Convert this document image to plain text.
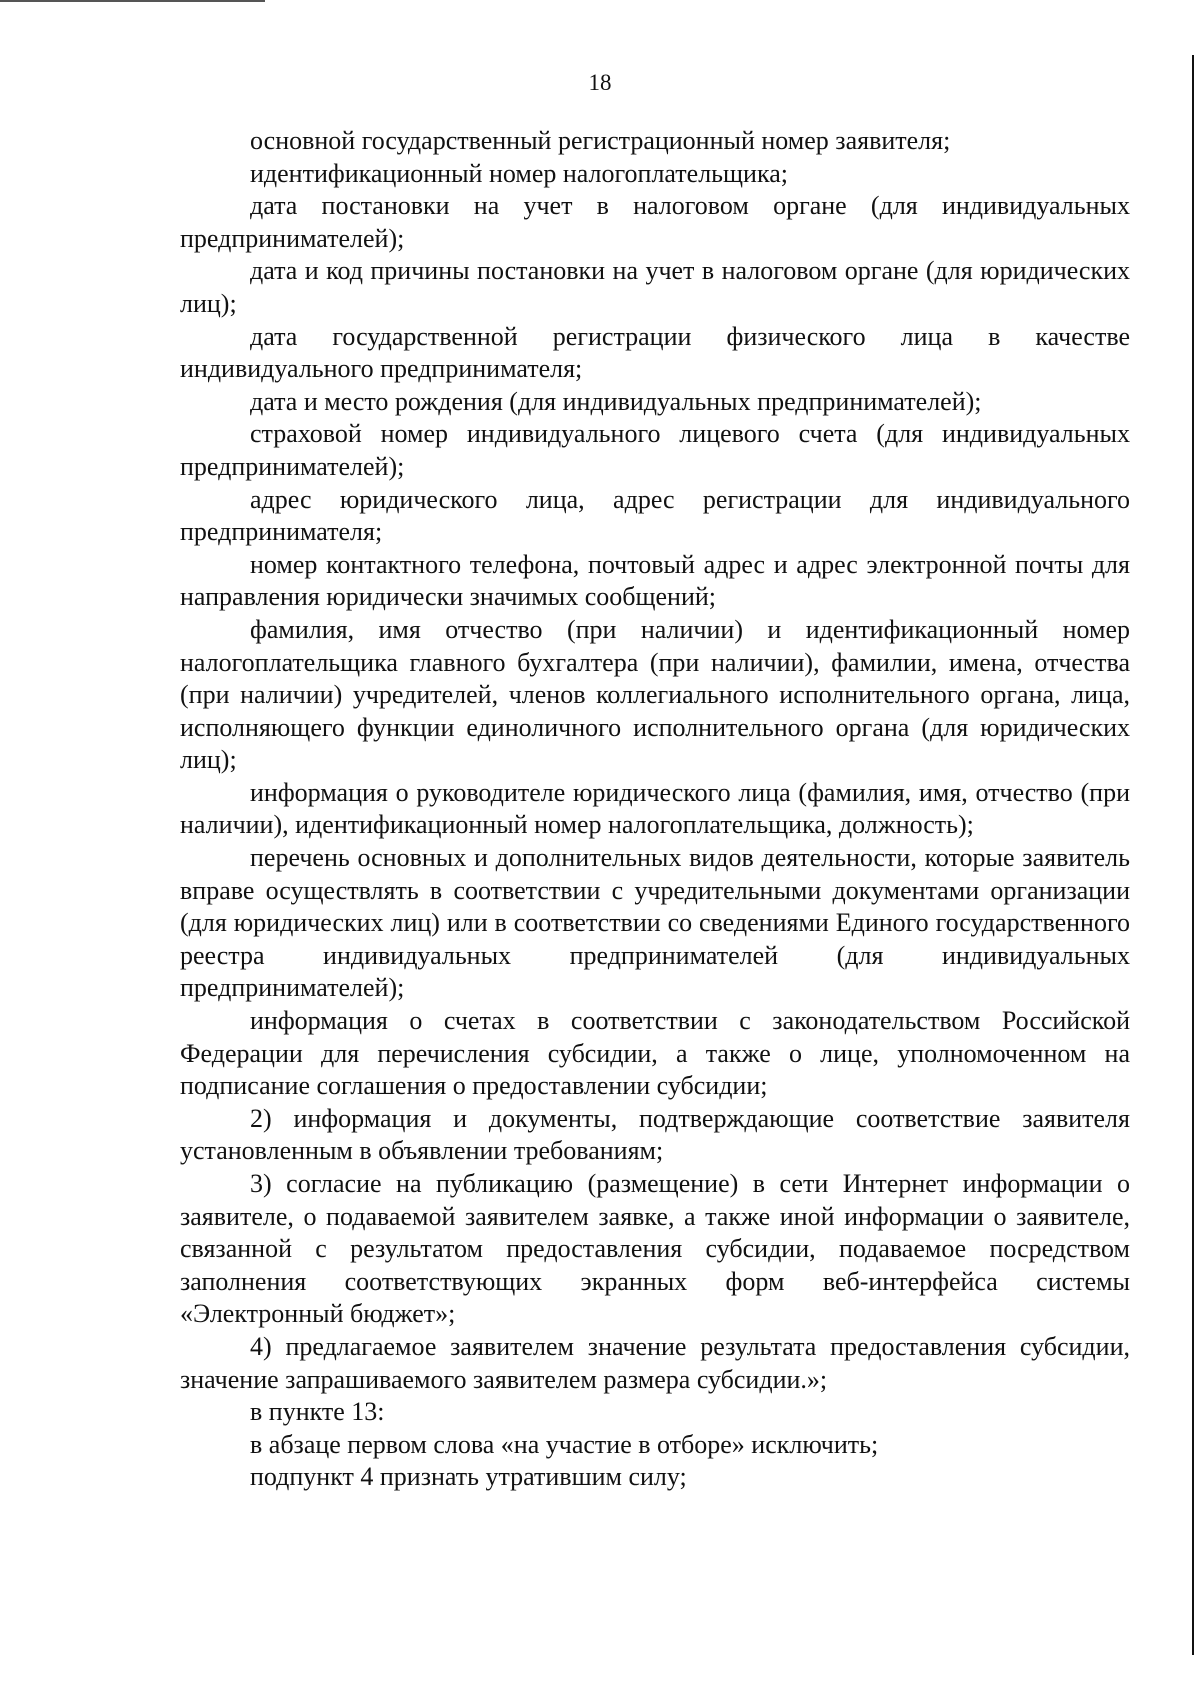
18

основной государственный регистрационный номер заявителя;

идентификационный номер налогоплательщика;

дата постановки на учет в налоговом органе (для индивидуальных предпринимателей);

дата и код причины постановки на учет в налоговом органе (для юридических лиц);

дата государственной регистрации физического лица в качестве индивидуального предпринимателя;

дата и место рождения (для индивидуальных предпринимателей);

страховой номер индивидуального лицевого счета (для индивидуальных предпринимателей);

адрес юридического лица, адрес регистрации для индивидуального предпринимателя;

номер контактного телефона, почтовый адрес и адрес электронной почты для направления юридически значимых сообщений;

фамилия, имя отчество (при наличии) и идентификационный номер налогоплательщика главного бухгалтера (при наличии), фамилии, имена, отчества (при наличии) учредителей, членов коллегиального исполнительного органа, лица, исполняющего функции единоличного исполнительного органа (для юридических лиц);

информация о руководителе юридического лица (фамилия, имя, отчество (при наличии), идентификационный номер налогоплательщика, должность);

перечень основных и дополнительных видов деятельности, которые заявитель вправе осуществлять в соответствии с учредительными документами организации (для юридических лиц) или в соответствии со сведениями Единого государственного реестра индивидуальных предпринимателей (для индивидуальных предпринимателей);

информация о счетах в соответствии с законодательством Российской Федерации для перечисления субсидии, а также о лице, уполномоченном на подписание соглашения о предоставлении субсидии;

2) информация и документы, подтверждающие соответствие заявителя установленным в объявлении требованиям;

3) согласие на публикацию (размещение) в сети Интернет информации о заявителе, о подаваемой заявителем заявке, а также иной информации о заявителе, связанной с результатом предоставления субсидии, подаваемое посредством заполнения соответствующих экранных форм веб-интерфейса системы «Электронный бюджет»;

4) предлагаемое заявителем значение результата предоставления субсидии, значение запрашиваемого заявителем размера субсидии.»;

в пункте 13:

в абзаце первом слова «на участие в отборе» исключить;

подпункт 4 признать утратившим силу;
